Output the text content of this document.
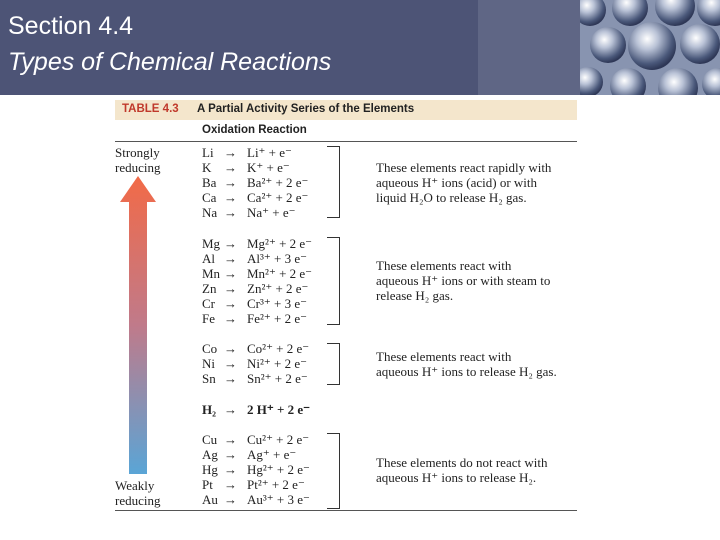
Section 4.4
Types of Chemical Reactions
TABLE 4.3 A Partial Activity Series of the Elements
Oxidation Reaction
Strongly
reducing
Weakly
reducing
Li → Li⁺ + e⁻
K → K⁺ + e⁻
Ba → Ba²⁺ + 2 e⁻
Ca → Ca²⁺ + 2 e⁻
Na → Na⁺ + e⁻
Mg → Mg²⁺ + 2 e⁻
Al → Al³⁺ + 3 e⁻
Mn → Mn²⁺ + 2 e⁻
Zn → Zn²⁺ + 2 e⁻
Cr → Cr³⁺ + 3 e⁻
Fe → Fe²⁺ + 2 e⁻
Co → Co²⁺ + 2 e⁻
Ni → Ni²⁺ + 2 e⁻
Sn → Sn²⁺ + 2 e⁻
H₂ → 2 H⁺ + 2 e⁻
Cu → Cu²⁺ + 2 e⁻
Ag → Ag⁺ + e⁻
Hg → Hg²⁺ + 2 e⁻
Pt → Pt²⁺ + 2 e⁻
Au → Au³⁺ + 3 e⁻
These elements react rapidly with
aqueous H⁺ ions (acid) or with
liquid H₂O to release H₂ gas.
These elements react with
aqueous H⁺ ions or with steam to
release H₂ gas.
These elements react with
aqueous H⁺ ions to release H₂ gas.
These elements do not react with
aqueous H⁺ ions to release H₂.
